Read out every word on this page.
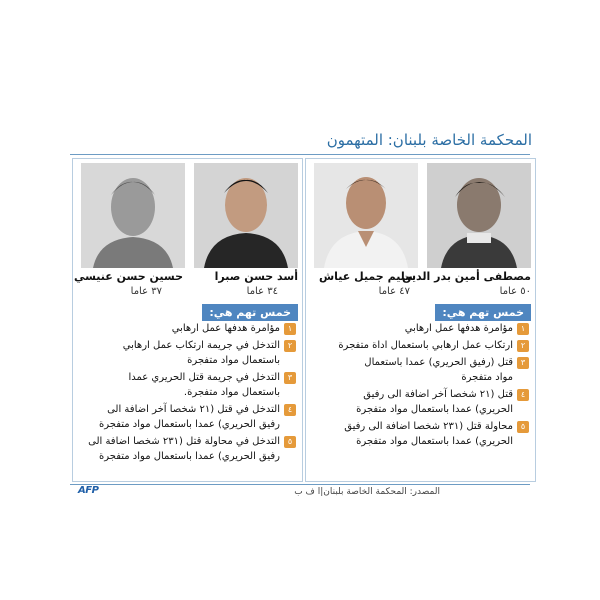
المحكمة الخاصة بلبنان: المتهمون
مصطفى أمين بدر الدين
٥٠ عاما
سليم جميل عياش
٤٧ عاما
خمس تهم هي:
١
مؤامرة هدفها عمل ارهابي
٢
ارتكاب عمل ارهابي باستعمال اداة متفجرة
٣
قتل (رفيق الحريري) عمدا باستعمال
مواد متفجرة
٤
قتل (٢١ شخصا آخر اضافة الى رفيق
الحريري) عمدا باستعمال مواد متفجرة
٥
محاولة قتل (٢٣١ شخصا اضافة الى رفيق
الحريري) عمدا باستعمال مواد متفجرة
أسد حسن صبرا
٣٤ عاما
حسين حسن عنيسي
٣٧ عاما
خمس تهم هي:
١
مؤامرة هدفها عمل ارهابي
٢
التدخل في جريمة ارتكاب عمل ارهابي
باستعمال مواد متفجرة
٣
التدخل في جريمة قتل الحريري عمدا
باستعمال مواد متفجرة.
٤
التدخل في قتل (٢١ شخصا آخر اضافة الى
رفيق الحريري) عمدا باستعمال مواد متفجرة
٥
التدخل في محاولة قتل (٢٣١ شخصا اضافة الى
رفيق الحريري) عمدا باستعمال مواد متفجرة
AFP	المصدر: المحكمة الخاصة بلبنان|ا ف ب
